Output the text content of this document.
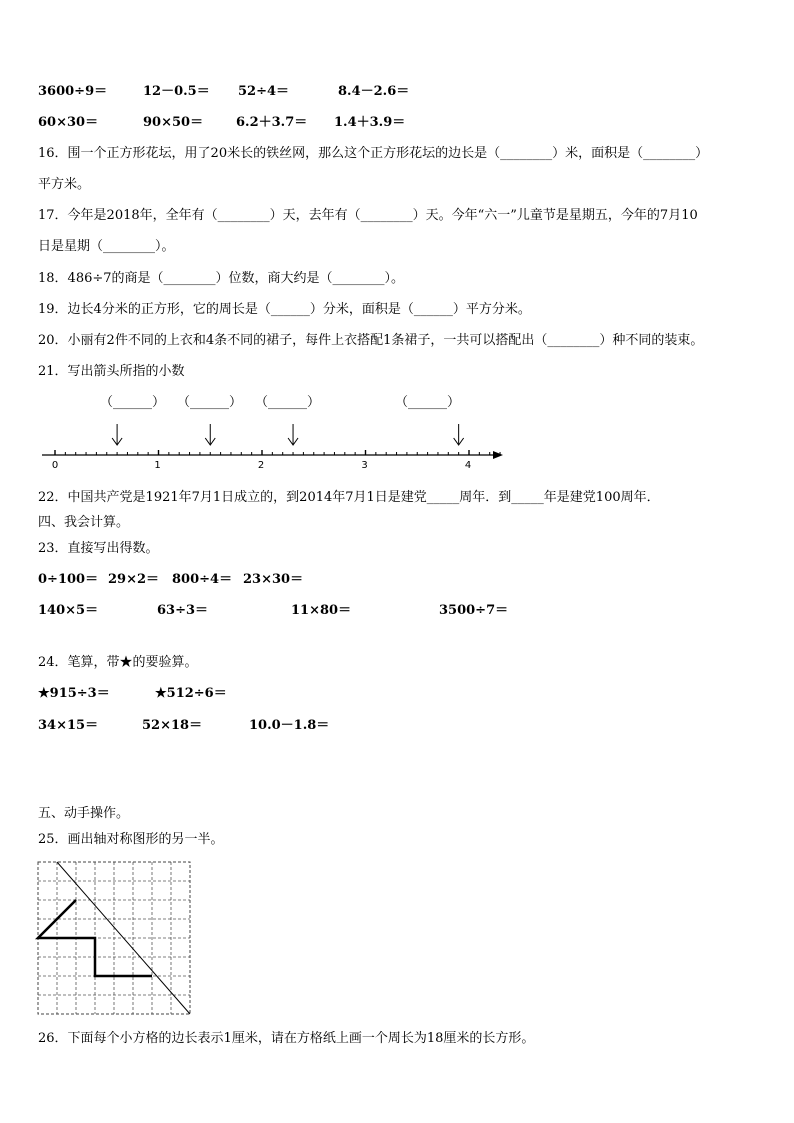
3600÷9＝	12－0.5＝ 52÷4＝	8.4－2.6＝
60×30＝	90×50＝	6.2＋3.7＝ 1.4＋3.9＝
16．围一个正方形花坛，用了20米长的铁丝网，那么这个正方形花坛的边长是（________）米，面积是（________）
平方米。
17．今年是2018年，全年有（________）天，去年有（________）天。今年“六一”儿童节是星期五，今年的7月10
日是星期（________）。
18．486÷7的商是（________）位数，商大约是（________）。
19．边长4分米的正方形，它的周长是（______）分米，面积是（______）平方分米。
20．小丽有2件不同的上衣和4条不同的裙子，每件上衣搭配1条裙子，一共可以搭配出（________）种不同的装束。
21．写出箭头所指的小数
（______） （______） （______）	（______）
0	1	2	3	4
22．中国共产党是1921年7月1日成立的，到2014年7月1日是建党_____周年．到_____年是建党100周年．
四、我会计算。
23．直接写出得数。
0÷100＝ 29×2＝ 800÷4＝ 23×30＝
140×5＝	63÷3＝	11×80＝	3500÷7＝
24．笔算，带★的要验算。
★915÷3＝	★512÷6＝
34×15＝	52×18＝	10.0－1.8＝
五、动手操作。
25．画出轴对称图形的另一半。
26．下面每个小方格的边长表示1厘米，请在方格纸上画一个周长为18厘米的长方形。
